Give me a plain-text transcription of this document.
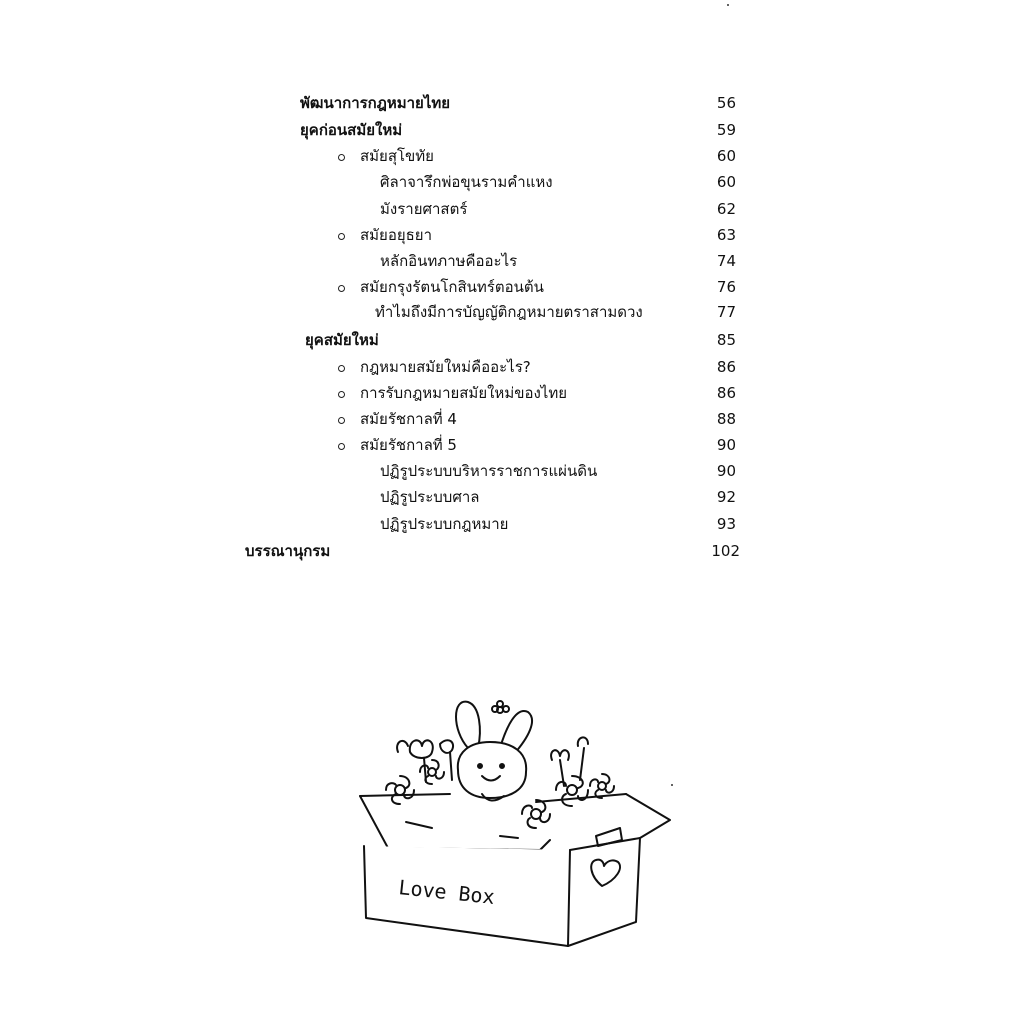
พัฒนาการกฎหมายไทย	56
ยุคก่อนสมัยใหม่	59
สมัยสุโขทัย	60
ศิลาจารึกพ่อขุนรามคำแหง	60
มังรายศาสตร์	62
สมัยอยุธยา	63
หลักอินทภาษคืออะไร	74
สมัยกรุงรัตนโกสินทร์ตอนต้น	76
ทำไมถึงมีการบัญญัติกฎหมายตราสามดวง	77
ยุคสมัยใหม่	85
กฎหมายสมัยใหม่คืออะไร?	86
การรับกฎหมายสมัยใหม่ของไทย	86
สมัยรัชกาลที่ 4	88
สมัยรัชกาลที่ 5	90
ปฏิรูประบบบริหารราชการแผ่นดิน	90
ปฏิรูประบบศาล	92
ปฏิรูประบบกฎหมาย	93
บรรณานุกรม	102
Love Box
